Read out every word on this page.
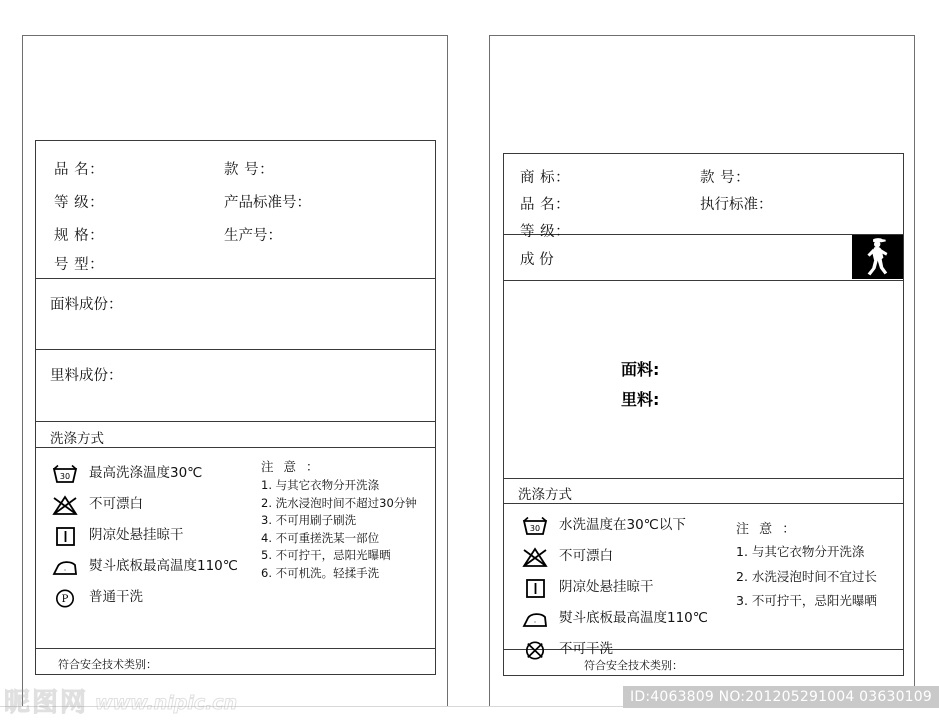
品 名：	款 号：
等 级：	产品标准号：
规 格：	生产号：
号 型：
面料成份：
里料成份：
洗涤方式
30 最高洗涤温度30℃
不可漂白
阴凉处悬挂晾干
· 熨斗底板最高温度110℃
P 普通干洗
注 意 ：
1. 与其它衣物分开洗涤
2. 洗水浸泡时间不超过30分钟
3. 不可用刷子刷洗
4. 不可重搓洗某一部位
5. 不可拧干，忌阳光曝晒
6. 不可机洗。轻揉手洗
符合安全技术类别：
商 标：	款 号：
品 名：	执行标准：
等 级：
成 份
面料:
里料:
洗涤方式
30 水洗温度在30℃以下
不可漂白
阴凉处悬挂晾干
· 熨斗底板最高温度110℃
不可干洗
注 意 ：
1. 与其它衣物分开洗涤
2. 水洗浸泡时间不宜过长
3. 不可拧干，忌阳光曝晒
符合安全技术类别：
昵图网 www.nipic.cn	ID:4063809 NO:201205291004 03630109
